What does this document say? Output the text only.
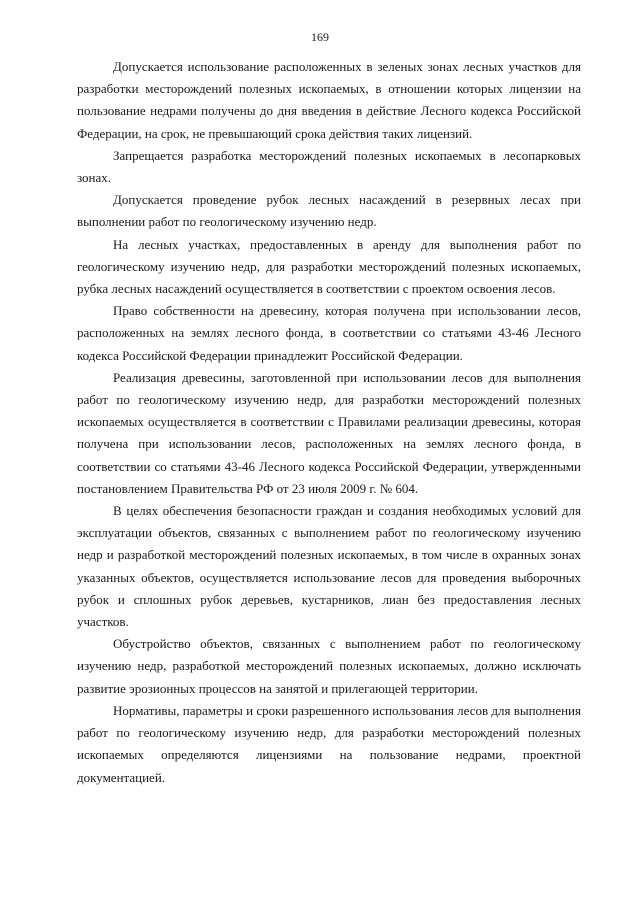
169

Допускается использование расположенных в зеленых зонах лесных участков для разработки месторождений полезных ископаемых, в отношении которых лицензии на пользование недрами получены до дня введения в действие Лесного кодекса Российской Федерации, на срок, не превышающий срока действия таких лицензий.

Запрещается разработка месторождений полезных ископаемых в лесопарковых зонах.

Допускается проведение рубок лесных насаждений в резервных лесах при выполнении работ по геологическому изучению недр.

На лесных участках, предоставленных в аренду для выполнения работ по геологическому изучению недр, для разработки месторождений полезных ископаемых, рубка лесных насаждений осуществляется в соответствии с проектом освоения лесов.

Право собственности на древесину, которая получена при использовании лесов, расположенных на землях лесного фонда, в соответствии со статьями 43-46 Лесного кодекса Российской Федерации принадлежит Российской Федерации.

Реализация древесины, заготовленной при использовании лесов для выполнения работ по геологическому изучению недр, для разработки месторождений полезных ископаемых осуществляется в соответствии с Правилами реализации древесины, которая получена при использовании лесов, расположенных на землях лесного фонда, в соответствии со статьями 43-46 Лесного кодекса Российской Федерации, утвержденными постановлением Правительства РФ от 23 июля 2009 г. № 604.

В целях обеспечения безопасности граждан и создания необходимых условий для эксплуатации объектов, связанных с выполнением работ по геологическому изучению недр и разработкой месторождений полезных ископаемых, в том числе в охранных зонах указанных объектов, осуществляется использование лесов для проведения выборочных рубок и сплошных рубок деревьев, кустарников, лиан без предоставления лесных участков.

Обустройство объектов, связанных с выполнением работ по геологическому изучению недр, разработкой месторождений полезных ископаемых, должно исключать развитие эрозионных процессов на занятой и прилегающей территории.

Нормативы, параметры и сроки разрешенного использования лесов для выполнения работ по геологическому изучению недр, для разработки месторождений полезных ископаемых определяются лицензиями на пользование недрами, проектной документацией.
